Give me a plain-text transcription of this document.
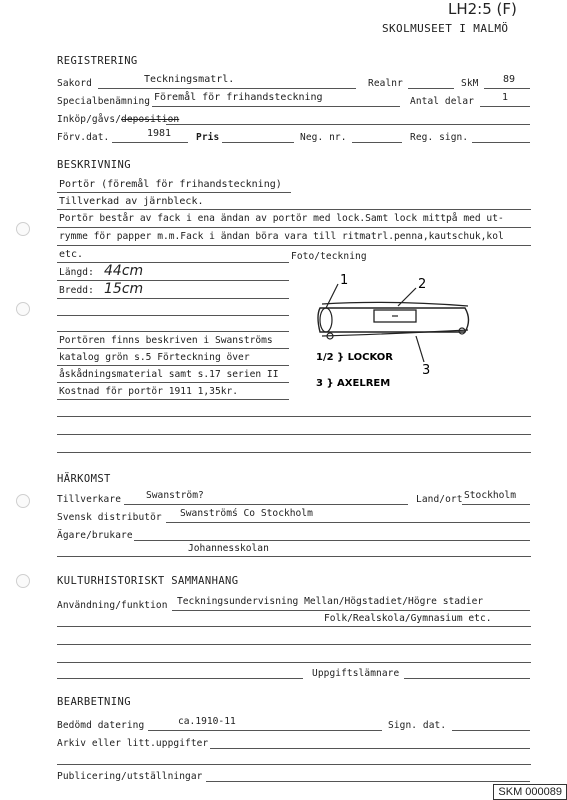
LH2:5 (F)
SKOLMUSEET I MALMÖ
REGISTRERING
Sakord	Teckningsmatrl.	Realnr	SkM 89
Specialbenämning Föremål för frihandsteckning	Antal delar	1
Inköp/gåvs/deposition
Förv.dat.	1981	Pris	Neg. nr.	Reg. sign.
BESKRIVNING
Portör (föremål för frihandsteckning)
Tillverkad av järnbleck.
Portör består av fack i ena ändan av portör med lock.Samt lock mittpå med ut-
rymme för papper m.m.Fack i ändan böra vara till ritmatrl.penna,kautschuk,kol
etc.	Foto/teckning
Längd: 44cm
Bredd: 15cm
Portören finns beskriven i Swanströms
katalog grön s.5 Förteckning över
åskådningsmaterial samt s.17 serien II
Kostnad för portör 1911 1,35kr.
1	2
3
1/2 } LOCKOR
3 } AXELREM
HÄRKOMST
Tillverkare	Swanström?	Land/ort Stockholm
Svensk distributör Swanströmś Co Stockholm
Ägare/brukare
Johannesskolan
KULTURHISTORISKT SAMMANHANG
Användning/funktion Teckningsundervisning Mellan/Högstadiet/Högre stadier
Folk/Realskola/Gymnasium etc.
Uppgiftslämnare
BEARBETNING
Bedömd datering	ca.1910-11	Sign. dat.
Arkiv eller litt.uppgifter
Publicering/utställningar
SKM 000089
